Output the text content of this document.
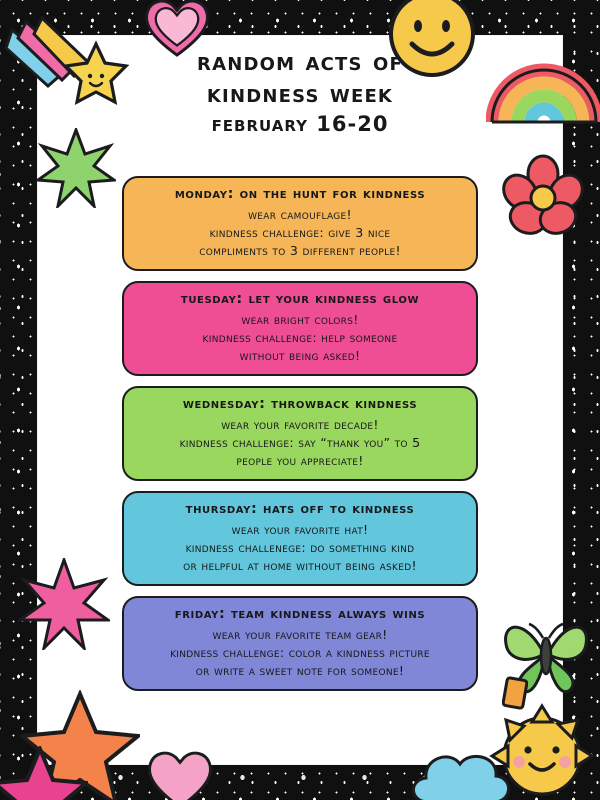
random acts of
kindness week
february 16-20
monday: on the hunt for kindness
wear camouflage!
kindness challenge: give 3 nice
compliments to 3 different people!
tuesday: let your kindness glow
wear bright colors!
kindness challenge: help someone
without being asked!
wednesday: throwback kindness
wear your favorite decade!
kindness challenge: say “thank you” to 5
people you appreciate!
thursday: hats off to kindness
wear your favorite hat!
kindness challenege: do something kind
or helpful at home without being asked!
friday: team kindness always wins
wear your favorite team gear!
kindness challenge: color a kindness picture
or write a sweet note for someone!
